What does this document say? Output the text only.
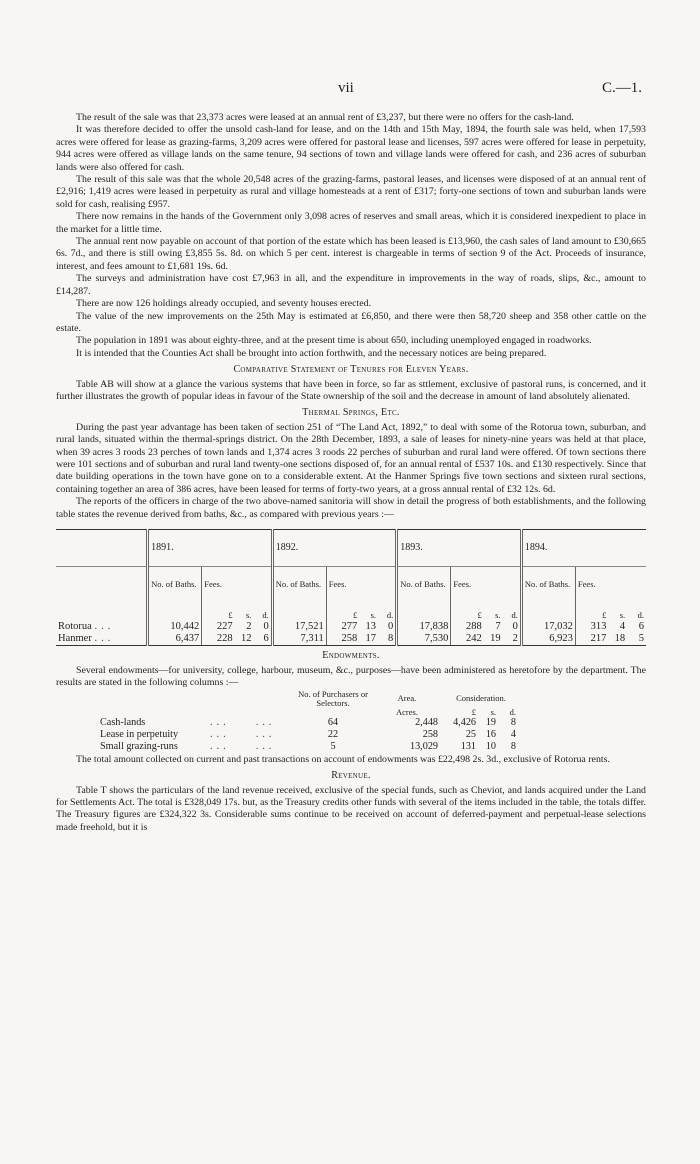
vii	C.—1.

The result of the sale was that 23,373 acres were leased at an annual rent of £3,237, but there were no offers for the cash-land.

It was therefore decided to offer the unsold cash-land for lease, and on the 14th and 15th May, 1894, the fourth sale was held, when 17,593 acres were offered for lease as grazing-farms, 3,209 acres were offered for pastoral lease and licenses, 597 acres were offered for lease in perpetuity, 944 acres were offered as village lands on the same tenure, 94 sections of town and village lands were offered for cash, and 236 acres of suburban lands were also offered for cash.

The result of this sale was that the whole 20,548 acres of the grazing-farms, pastoral leases, and licenses were disposed of at an annual rent of £2,916; 1,419 acres were leased in perpetuity as rural and village homesteads at a rent of £317; forty-one sections of town and suburban lands were sold for cash, realising £957.

There now remains in the hands of the Government only 3,098 acres of reserves and small areas, which it is considered inexpedient to place in the market for a little time.

The annual rent now payable on account of that portion of the estate which has been leased is £13,960, the cash sales of land amount to £30,665 6s. 7d., and there is still owing £3,855 5s. 8d. on which 5 per cent. interest is chargeable in terms of section 9 of the Act. Proceeds of insurance, interest, and fees amount to £1,681 19s. 6d.

The surveys and administration have cost £7,963 in all, and the expenditure in improvements in the way of roads, slips, &c., amount to £14,287.

There are now 126 holdings already occupied, and seventy houses erected.

The value of the new improvements on the 25th May is estimated at £6,850, and there were then 58,720 sheep and 358 other cattle on the estate.

The population in 1891 was about eighty-three, and at the present time is about 650, including unemployed engaged in roadworks.

It is intended that the Counties Act shall be brought into action forthwith, and the necessary notices are being prepared.

Comparative Statement of Tenures for Eleven Years.

Table AB will show at a glance the various systems that have been in force, so far as sttlement, exclusive of pastoral runs, is concerned, and it further illustrates the growth of popular ideas in favour of the State ownership of the soil and the decrease in amount of land absolutely alienated.

Thermal Springs, Etc.

During the past year advantage has been taken of section 251 of “The Land Act, 1892,” to deal with some of the Rotorua town, suburban, and rural lands, situated within the thermal-springs district. On the 28th December, 1893, a sale of leases for ninety-nine years was held at that place, when 39 acres 3 roods 23 perches of town lands and 1,374 acres 3 roods 22 perches of suburban and rural land were offered. Of town sections there were 101 sections and of suburban and rural land twenty-one sections disposed of, for an annual rental of £537 10s. and £130 respectively. Since that date building operations in the town have gone on to a considerable extent. At the Hanmer Springs five town sections and sixteen rural sections, containing together an area of 386 acres, have been leased for terms of forty-two years, at a gross annual rental of £32 12s. 6d.

The reports of the officers in charge of the two above-named sanitoria will show in detail the progress of both establishments, and the following table states the revenue derived from baths, &c., as compared with previous years :—

	1891.				1892.				1893.				1894.			
	No. of Baths.	Fees.			No. of Baths.	Fees.			No. of Baths.	Fees.			No. of Baths.	Fees.		
		£	s.	d.		£	s.	d.		£	s.	d.		£	s.	d.
Rotorua ...	10,442	227	2	0	17,521	277	13	0	17,838	288	7	0	17,032	313	4	6
Hanmer ...	6,437	228	12	6	7,311	258	17	8	7,530	242	19	2	6,923	217	18	5
Endowments.

Several endowments—for university, college, harbour, museum, &c., purposes—have been administered as heretofore by the department. The results are stated in the following columns :—

		No. of Purchasers or Selectors.	Area.	Consideration.		
			Acres.	£	s.	d.
Cash-lands	...    ...	64	2,448	4,426	19	8
Lease in perpetuity	...    ...	22	258	25	16	4
Small grazing-runs	...    ...	5	13,029	131	10	8

The total amount collected on current and past transactions on account of endowments was £22,498 2s. 3d., exclusive of Rotorua rents.

Revenue.

Table T shows the particulars of the land revenue received, exclusive of the special funds, such as Cheviot, and lands acquired under the Land for Settlements Act. The total is £328,049 17s. but, as the Treasury credits other funds with several of the items included in the table, the totals differ. The Treasury figures are £324,322 3s. Considerable sums continue to be received on account of deferred-payment and perpetual-lease selections made freehold, but it is
